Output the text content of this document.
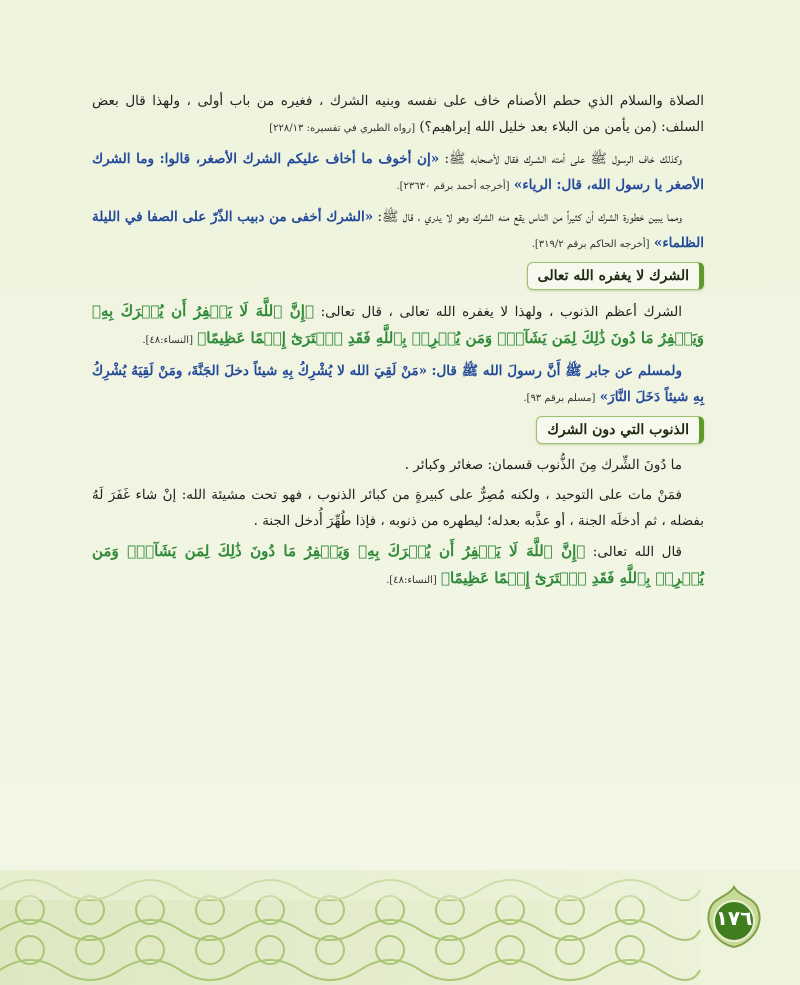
الصلاة والسلام الذي حطم الأصنام خاف على نفسه وبنيه الشرك ، فغيره من باب أولى ، ولهذا قال بعض السلف: (من يأمن من البلاء بعد خليل الله إبراهيم؟) [رواه الطبري في تفسيره: ٢٢٨/١٣]

وكذلك خاف الرسول ﷺ على أمته الشـرك فقال لأصحابه ﷺ: «إن أخوف ما أخاف عليكم الشرك الأصغر، قالوا: وما الشرك الأصغر يا رسول الله، قال: الرياء» [أخرجه أحمد برقم ٢٣٦٣٠].

ومما يبين خطورة الشرك أن كثيراً من الناس يقع منه الشرك وهو لا يدري ، قال ﷺ: «الشرك أخفى من دبيب الذّرّ على الصفا في الليلة الظلماء» [أخرجه الحاكم برقم ٣١٩/٢].

الشرك لا يغفره الله تعالى

الشرك أعظم الذنوب ، ولهذا لا يغفره الله تعالى ، قال تعالى: ﴿إِنَّ ٱللَّهَ لَا يَغۡفِرُ أَن يُشۡرَكَ بِهِۦ وَيَغۡفِرُ مَا دُونَ ذَٰلِكَ لِمَن يَشَآءُۚ وَمَن يُشۡرِكۡ بِٱللَّهِ فَقَدِ ٱفۡتَرَىٰٓ إِثۡمًا عَظِيمًا﴾ [النساء:٤٨].

ولمسلم عن جابر ﷺ أَنَّ رسولَ الله ﷺ قال: «مَنْ لَقِيَ الله لا يُشْرِكُ بِهِ شيئاً دخلَ الجَنَّةَ، ومَنْ لَقِيَهُ يُشْرِكُ بِهِ شيئاً دَخَلَ النَّارَ» [مسلم برقم ٩٣].

الذنوب التي دون الشرك

ما دُونَ الشِّرك مِنَ الذُّنوب قسمان: صغائر وكبائر .

فمَنْ مات على التوحيد ، ولكنه مُصِرٌّ على كبيرةٍ من كبائر الذنوب ، فهو تحت مشيئة الله: إنْ شاء غَفَرَ لَهُ بفضله ، ثم أدخلَه الجنة ، أو عذَّبه بعدله؛ ليطهره من ذنوبه ، فإذا طُهِّرَ أُدخل الجنة .

قال الله تعالى: ﴿إِنَّ ٱللَّهَ لَا يَغۡفِرُ أَن يُشۡرَكَ بِهِۦ وَيَغۡفِرُ مَا دُونَ ذَٰلِكَ لِمَن يَشَآءُۚ وَمَن يُشۡرِكۡ بِٱللَّهِ فَقَدِ ٱفۡتَرَىٰٓ إِثۡمًا عَظِيمًا﴾ [النساء:٤٨].

١٧٦
